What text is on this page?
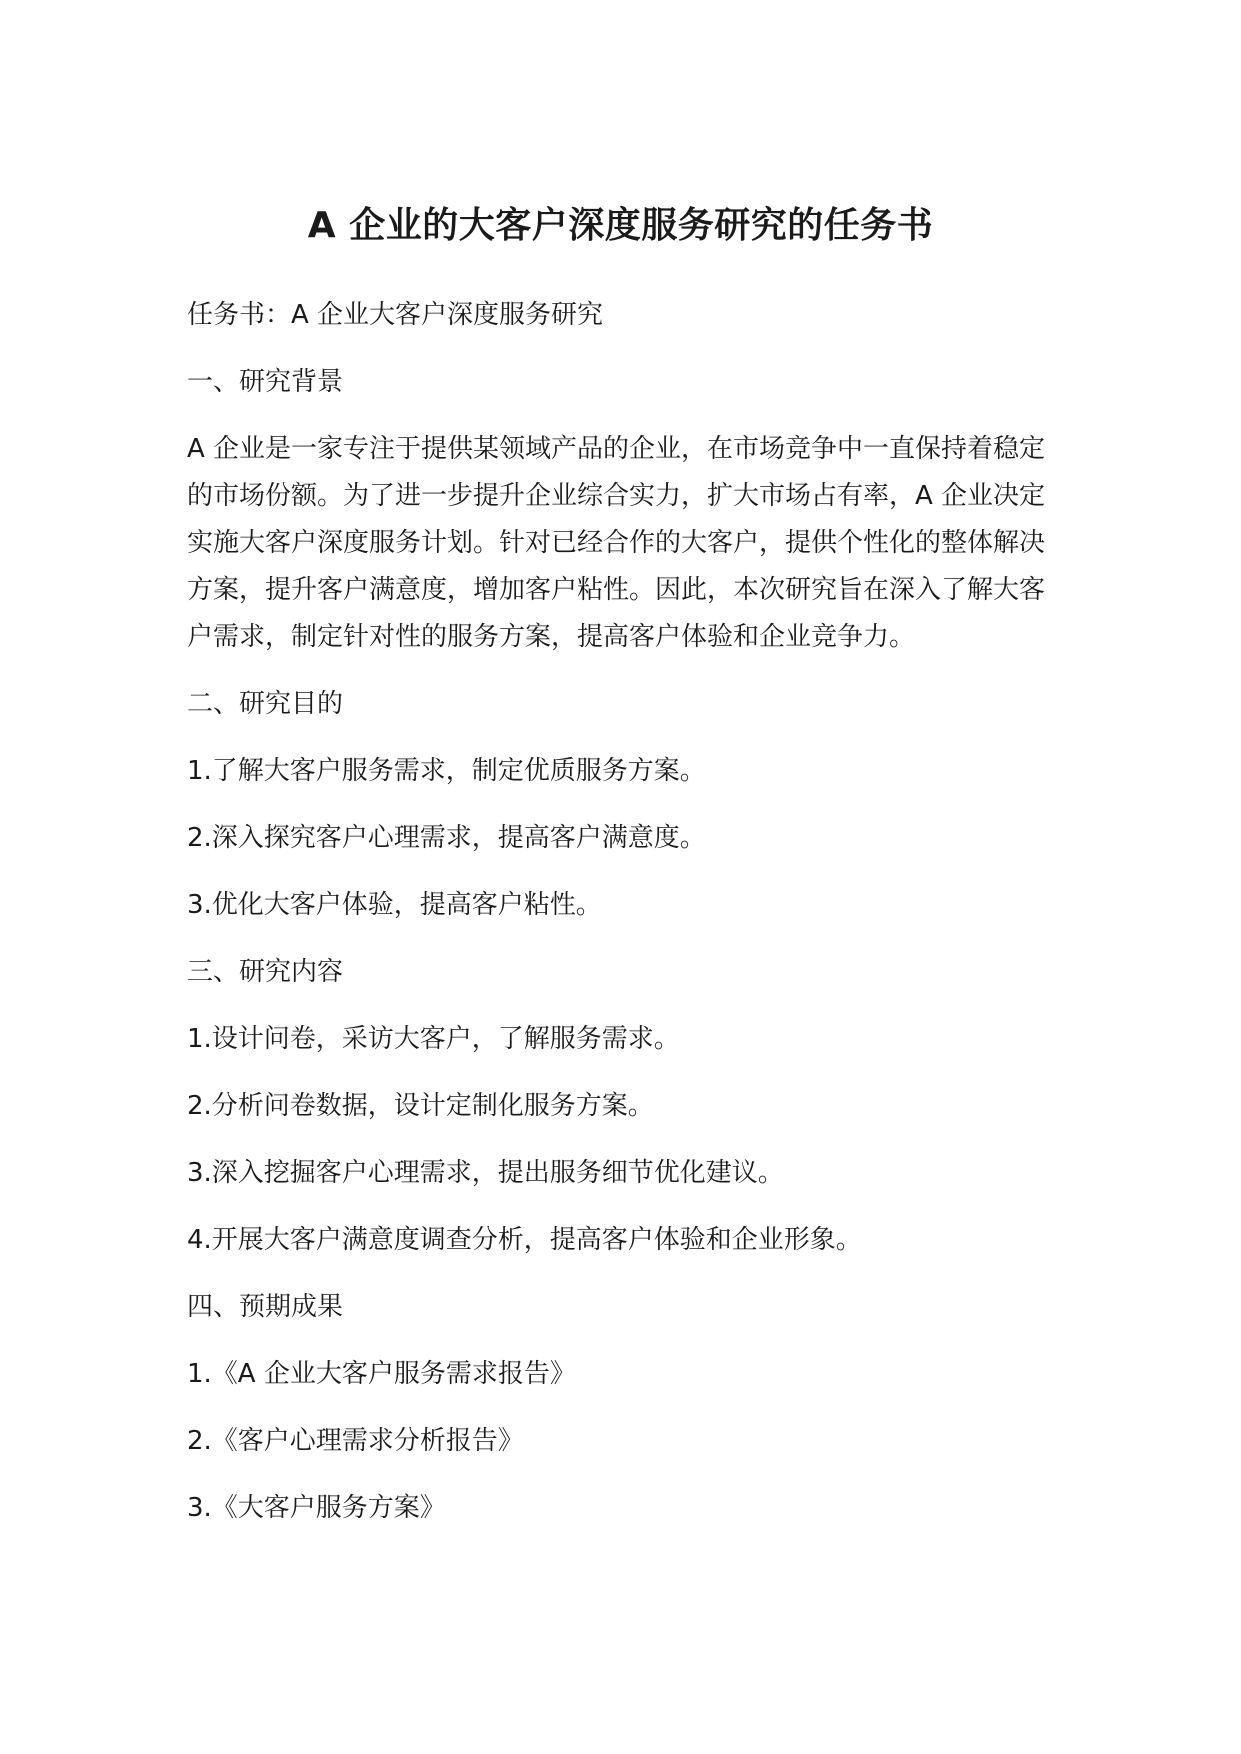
A 企业的大客户深度服务研究的任务书

任务书：A 企业大客户深度服务研究

一、研究背景

A 企业是一家专注于提供某领域产品的企业，在市场竞争中一直保持着稳定的市场份额。为了进一步提升企业综合实力，扩大市场占有率，A 企业决定实施大客户深度服务计划。针对已经合作的大客户，提供个性化的整体解决方案，提升客户满意度，增加客户粘性。因此，本次研究旨在深入了解大客户需求，制定针对性的服务方案，提高客户体验和企业竞争力。

二、研究目的

1.了解大客户服务需求，制定优质服务方案。

2.深入探究客户心理需求，提高客户满意度。

3.优化大客户体验，提高客户粘性。

三、研究内容

1.设计问卷，采访大客户，了解服务需求。

2.分析问卷数据，设计定制化服务方案。

3.深入挖掘客户心理需求，提出服务细节优化建议。

4.开展大客户满意度调查分析，提高客户体验和企业形象。

四、预期成果

1.《A 企业大客户服务需求报告》

2.《客户心理需求分析报告》

3.《大客户服务方案》
